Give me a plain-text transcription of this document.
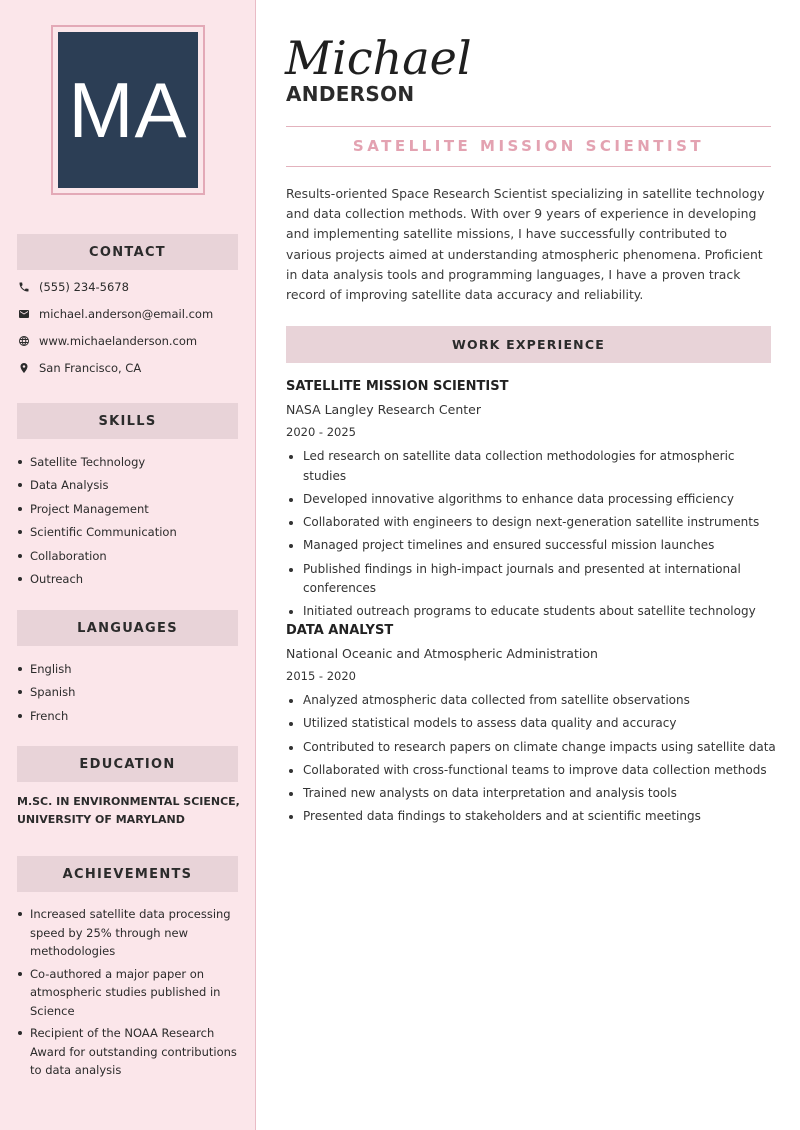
MA
CONTACT
(555) 234-5678
michael.anderson@email.com
www.michaelanderson.com
San Francisco, CA
SKILLS
Satellite Technology
Data Analysis
Project Management
Scientific Communication
Collaboration
Outreach
LANGUAGES
English
Spanish
French
EDUCATION
M.SC. IN ENVIRONMENTAL SCIENCE,
UNIVERSITY OF MARYLAND
ACHIEVEMENTS
Increased satellite data processing speed by 25% through new methodologies
Co-authored a major paper on atmospheric studies published in Science
Recipient of the NOAA Research Award for outstanding contributions to data analysis
Michael
ANDERSON
SATELLITE MISSION SCIENTIST
Results-oriented Space Research Scientist specializing in satellite technology and data collection methods. With over 9 years of experience in developing and implementing satellite missions, I have successfully contributed to various projects aimed at understanding atmospheric phenomena. Proficient in data analysis tools and programming languages, I have a proven track record of improving satellite data accuracy and reliability.
WORK EXPERIENCE
SATELLITE MISSION SCIENTIST
NASA Langley Research Center
2020 - 2025
Led research on satellite data collection methodologies for atmospheric studies
Developed innovative algorithms to enhance data processing efficiency
Collaborated with engineers to design next-generation satellite instruments
Managed project timelines and ensured successful mission launches
Published findings in high-impact journals and presented at international conferences
Initiated outreach programs to educate students about satellite technology
DATA ANALYST
National Oceanic and Atmospheric Administration
2015 - 2020
Analyzed atmospheric data collected from satellite observations
Utilized statistical models to assess data quality and accuracy
Contributed to research papers on climate change impacts using satellite data
Collaborated with cross-functional teams to improve data collection methods
Trained new analysts on data interpretation and analysis tools
Presented data findings to stakeholders and at scientific meetings
